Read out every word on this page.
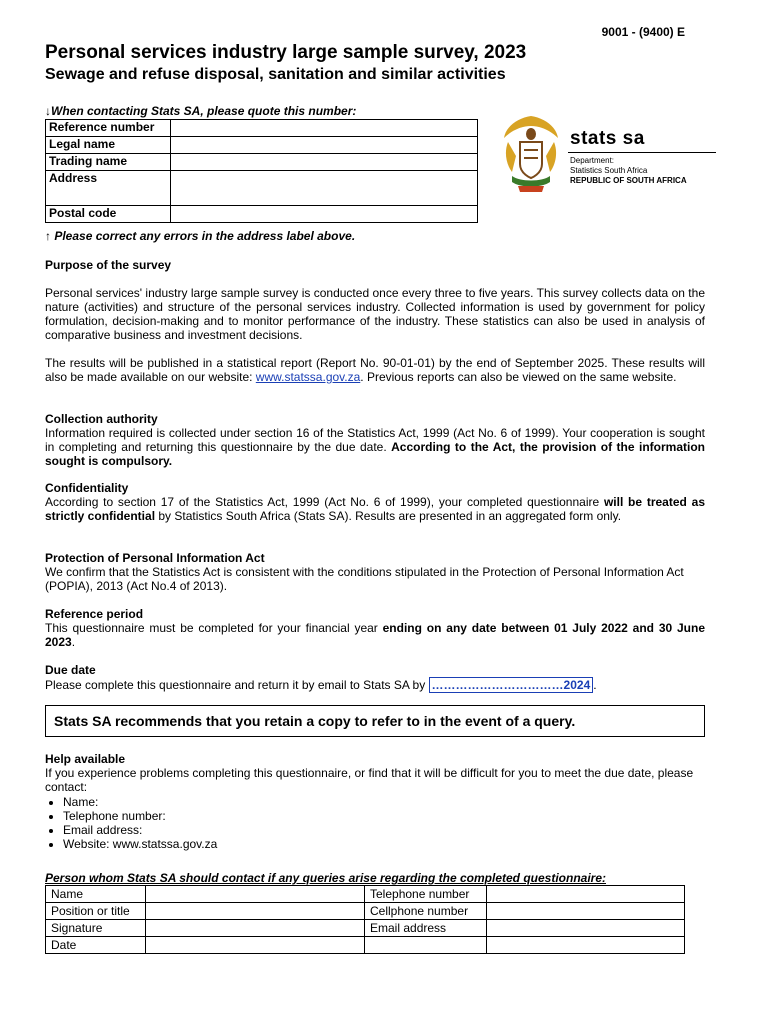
9001 - (9400) E
Personal services industry large sample survey, 2023
Sewage and refuse disposal, sanitation and similar activities
↓When contacting Stats SA, please quote this number:
Reference number	
Legal name	
Trading name	
Address	
Postal code	
↑ Please correct any errors in the address label above.
stats sa
Department:
Statistics South Africa
REPUBLIC OF SOUTH AFRICA
Purpose of the survey
Personal services' industry large sample survey is conducted once every three to five years. This survey collects data on the nature (activities) and structure of the personal services industry. Collected information is used by government for policy formulation, decision-making and to monitor performance of the industry. These statistics can also be used in analysis of comparative business and investment decisions.
The results will be published in a statistical report (Report No. 90-01-01) by the end of September 2025. These results will also be made available on our website: www.statssa.gov.za. Previous reports can also be viewed on the same website.
Collection authority
Information required is collected under section 16 of the Statistics Act, 1999 (Act No. 6 of 1999). Your cooperation is sought in completing and returning this questionnaire by the due date. According to the Act, the provision of the information sought is compulsory.
Confidentiality
According to section 17 of the Statistics Act, 1999 (Act No. 6 of 1999), your completed questionnaire will be treated as strictly confidential by Statistics South Africa (Stats SA). Results are presented in an aggregated form only.
Protection of Personal Information Act
We confirm that the Statistics Act is consistent with the conditions stipulated in the Protection of Personal Information Act (POPIA), 2013 (Act No.4 of 2013).
Reference period
This questionnaire must be completed for your financial year ending on any date between 01 July 2022 and 30 June 2023.
Due date
Please complete this questionnaire and return it by email to Stats SA by ……………………………2024 .
Stats SA recommends that you retain a copy to refer to in the event of a query.
Help available
If you experience problems completing this questionnaire, or find that it will be difficult for you to meet the due date, please contact:
• Name:
• Telephone number:
• Email address:
• Website: www.statssa.gov.za
Person whom Stats SA should contact if any queries arise regarding the completed questionnaire:
Name		Telephone number	
Position or title		Cellphone number	
Signature		Email address	
Date			
